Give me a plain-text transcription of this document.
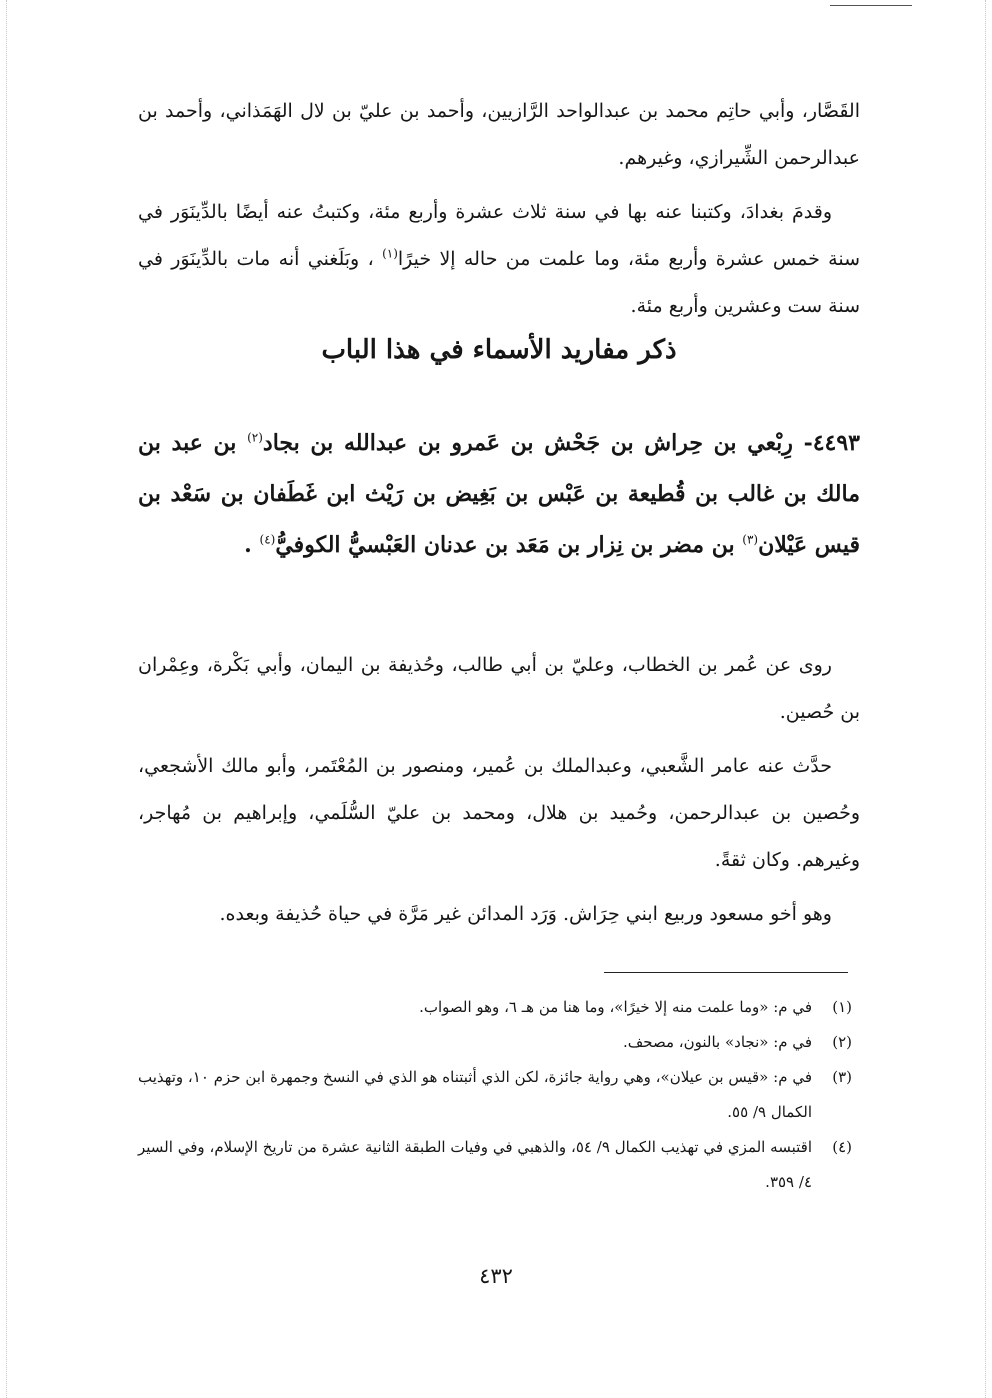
القَصَّار، وأبي حاتِم محمد بن عبدالواحد الرَّازيين، وأحمد بن عليّ بن لال الهَمَذاني، وأحمد بن عبدالرحمن الشِّيرازي، وغيرهم.

وقدمَ بغدادَ، وكتبنا عنه بها في سنة ثلاث عشرة وأربع مئة، وكتبتُ عنه أيضًا بالدِّينَوَر في سنة خمس عشرة وأربع مئة، وما علمت من حاله إلا خيرًا$^{(١)}$ ، وبَلَغني أنه مات بالدِّينَوَر في سنة ست وعشرين وأربع مئة.

ذكر مفاريد الأسماء في هذا الباب

٤٤٩٣- رِبْعي بن حِراش بن جَحْش بن عَمرو بن عبدالله بن بجاد$^{(٢)}$ بن عبد بن مالك بن غالب بن قُطيعة بن عَبْس بن بَغِيض بن رَيْث ابن غَطَفان بن سَعْد بن قيس عَيْلان$^{(٣)}$ بن مضر بن نِزار بن مَعَد بن عدنان العَبْسيُّ الكوفيُّ$^{(٤)}$ .

روى عن عُمر بن الخطاب، وعليّ بن أبي طالب، وحُذيفة بن اليمان، وأبي بَكْرة، وعِمْران بن حُصين.

حدَّث عنه عامر الشَّعبي، وعبدالملك بن عُمير، ومنصور بن المُعْتَمر، وأبو مالك الأشجعي، وحُصين بن عبدالرحمن، وحُميد بن هلال، ومحمد بن عليّ السُّلَمي، وإبراهيم بن مُهاجر، وغيرهم. وكان ثقةً.

وهو أخو مسعود وربيع ابني حِرَاش. وَرَد المدائن غير مَرَّة في حياة حُذيفة وبعده.

(١)
في م: «وما علمت منه إلا خيرًا»، وما هنا من هـ ٦، وهو الصواب.
(٢)
في م: «نجاد» بالنون، مصحف.
(٣)
في م: «قيس بن عيلان»، وهي رواية جائزة، لكن الذي أثبتناه هو الذي في النسخ وجمهرة ابن حزم ١٠، وتهذيب الكمال ٩/ ٥٥.
(٤)
اقتبسه المزي في تهذيب الكمال ٩/ ٥٤، والذهبي في وفيات الطبقة الثانية عشرة من تاريخ الإسلام، وفي السير ٤/ ٣٥٩.
٤٣٢
